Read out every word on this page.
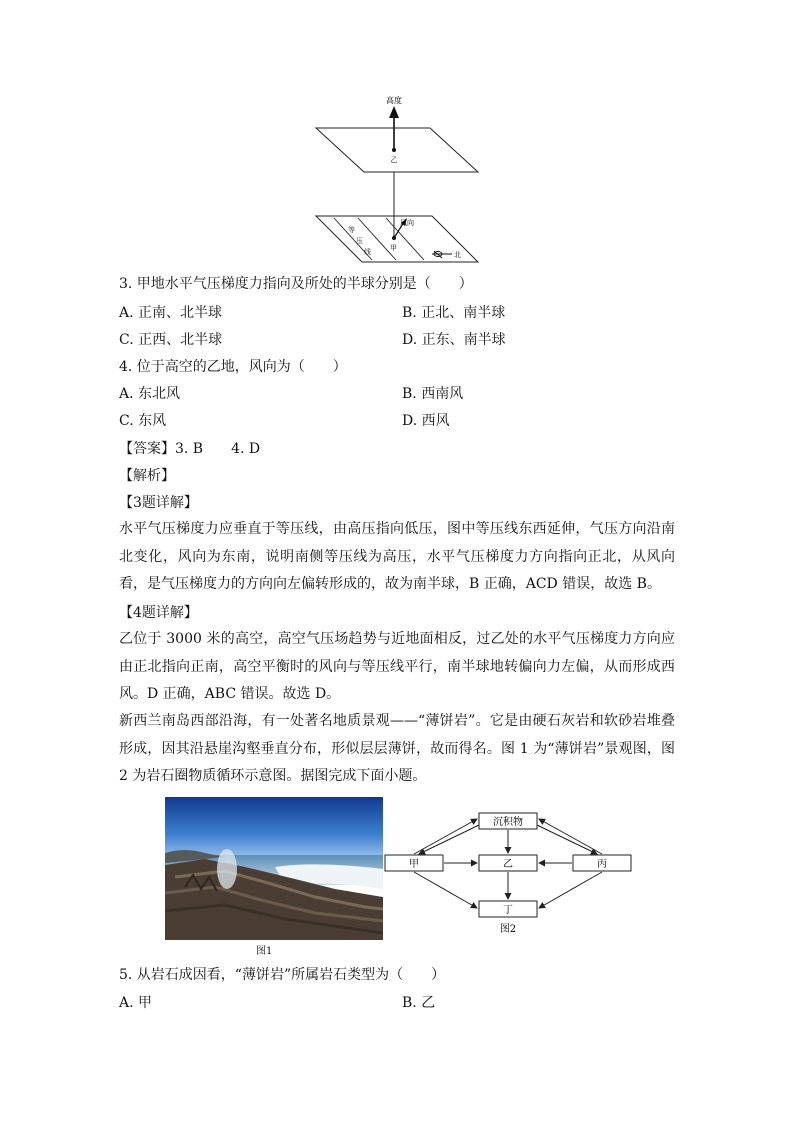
高度
乙
等 压 线
风向
甲
北
3. 甲地水平气压梯度力指向及所处的半球分别是（　　）
A. 正南、北半球	B. 正北、南半球
C. 正西、北半球	D. 正东、南半球
4. 位于高空的乙地，风向为（　　）
A. 东北风	B. 西南风
C. 东风	D. 西风
【答案】3. B　　4. D
【解析】
【3题详解】
水平气压梯度力应垂直于等压线，由高压指向低压，图中等压线东西延伸，气压方向沿南北变化，风向为东南，说明南侧等压线为高压，水平气压梯度力方向指向正北，从风向看，是气压梯度力的方向向左偏转形成的，故为南半球，B 正确，ACD 错误，故选 B。
【4题详解】
乙位于 3000 米的高空，高空气压场趋势与近地面相反，过乙处的水平气压梯度力方向应由正北指向正南，高空平衡时的风向与等压线平行，南半球地转偏向力左偏，从而形成西风。D 正确，ABC 错误。故选 D。
新西兰南岛西部沿海，有一处著名地质景观——“薄饼岩”。它是由硬石灰岩和软砂岩堆叠形成，因其沿悬崖沟壑垂直分布，形似层层薄饼，故而得名。图 1 为“薄饼岩”景观图，图 2 为岩石圈物质循环示意图。据图完成下面小题。
图1
沉积物
甲	乙	丙
丁
图2
5. 从岩石成因看，“薄饼岩”所属岩石类型为（　　）
A. 甲	B. 乙
